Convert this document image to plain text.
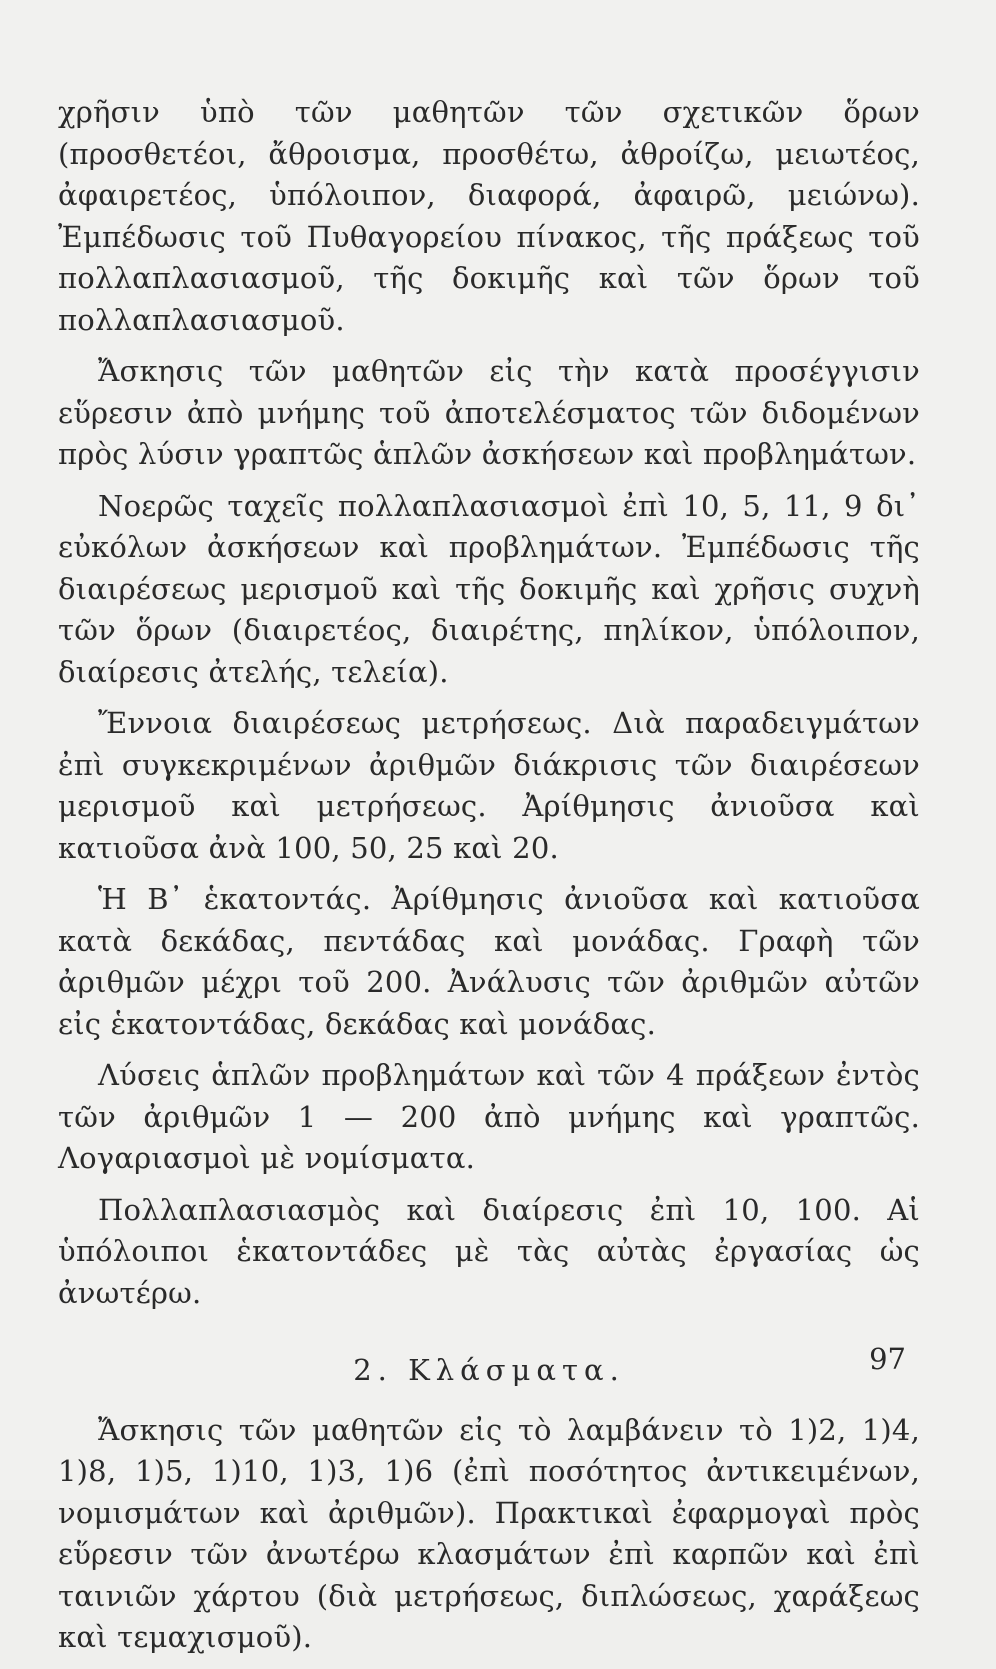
χρῆσιν ὑπὸ τῶν μαθητῶν τῶν σχετικῶν ὅρων (προσθετέοι, ἄθροισμα, προσθέτω, ἀθροίζω, μειωτέος, ἀφαιρετέος, ὑπόλοιπον, διαφορά, ἀφαιρῶ, μειώνω). Ἐμπέδωσις τοῦ Πυθαγορείου πίνακος, τῆς πράξεως τοῦ πολλαπλασιασμοῦ, τῆς δοκιμῆς καὶ τῶν ὅρων τοῦ πολλαπλασιασμοῦ.

Ἄσκησις τῶν μαθητῶν εἰς τὴν κατὰ προσέγγισιν εὕρεσιν ἀπὸ μνήμης τοῦ ἀποτελέσματος τῶν διδομένων πρὸς λύσιν γραπτῶς ἁπλῶν ἀσκήσεων καὶ προβλημάτων.

Νοερῶς ταχεῖς πολλαπλασιασμοὶ ἐπὶ 10, 5, 11, 9 δι᾽ εὐκόλων ἀσκήσεων καὶ προβλημάτων. Ἐμπέδωσις τῆς διαιρέσεως μερισμοῦ καὶ τῆς δοκιμῆς καὶ χρῆσις συχνὴ τῶν ὅρων (διαιρετέος, διαιρέτης, πηλίκον, ὑπόλοιπον, διαίρεσις ἀτελής, τελεία).

Ἔννοια διαιρέσεως μετρήσεως. Διὰ παραδειγμάτων ἐπὶ συγκεκριμένων ἀριθμῶν διάκρισις τῶν διαιρέσεων μερισμοῦ καὶ μετρήσεως. Ἀρίθμησις ἀνιοῦσα καὶ κατιοῦσα ἀνὰ 100, 50, 25 καὶ 20.

Ἡ Β᾽ ἑκατοντάς. Ἀρίθμησις ἀνιοῦσα καὶ κατιοῦσα κατὰ δεκάδας, πεντάδας καὶ μονάδας. Γραφὴ τῶν ἀριθμῶν μέχρι τοῦ 200. Ἀνάλυσις τῶν ἀριθμῶν αὐτῶν εἰς ἑκατοντάδας, δεκάδας καὶ μονάδας.

Λύσεις ἁπλῶν προβλημάτων καὶ τῶν 4 πράξεων ἐντὸς τῶν ἀριθμῶν 1 — 200 ἀπὸ μνήμης καὶ γραπτῶς. Λογαριασμοὶ μὲ νομίσματα.

Πολλαπλασιασμὸς καὶ διαίρεσις ἐπὶ 10, 100. Αἱ ὑπόλοιποι ἑκατοντάδες μὲ τὰς αὐτὰς ἐργασίας ὡς ἀνωτέρω.

2. Κλάσματα.

Ἄσκησις τῶν μαθητῶν εἰς τὸ λαμβάνειν τὸ 1)2, 1)4, 1)8, 1)5, 1)10, 1)3, 1)6 (ἐπὶ ποσότητος ἀντικειμένων, νομισμάτων καὶ ἀριθμῶν). Πρακτικαὶ ἐφαρμογαὶ πρὸς εὕρεσιν τῶν ἀνωτέρω κλασμάτων ἐπὶ καρπῶν καὶ ἐπὶ ταινιῶν χάρτου (διὰ μετρήσεως, διπλώσεως, χαράξεως καὶ τεμαχισμοῦ).

97
